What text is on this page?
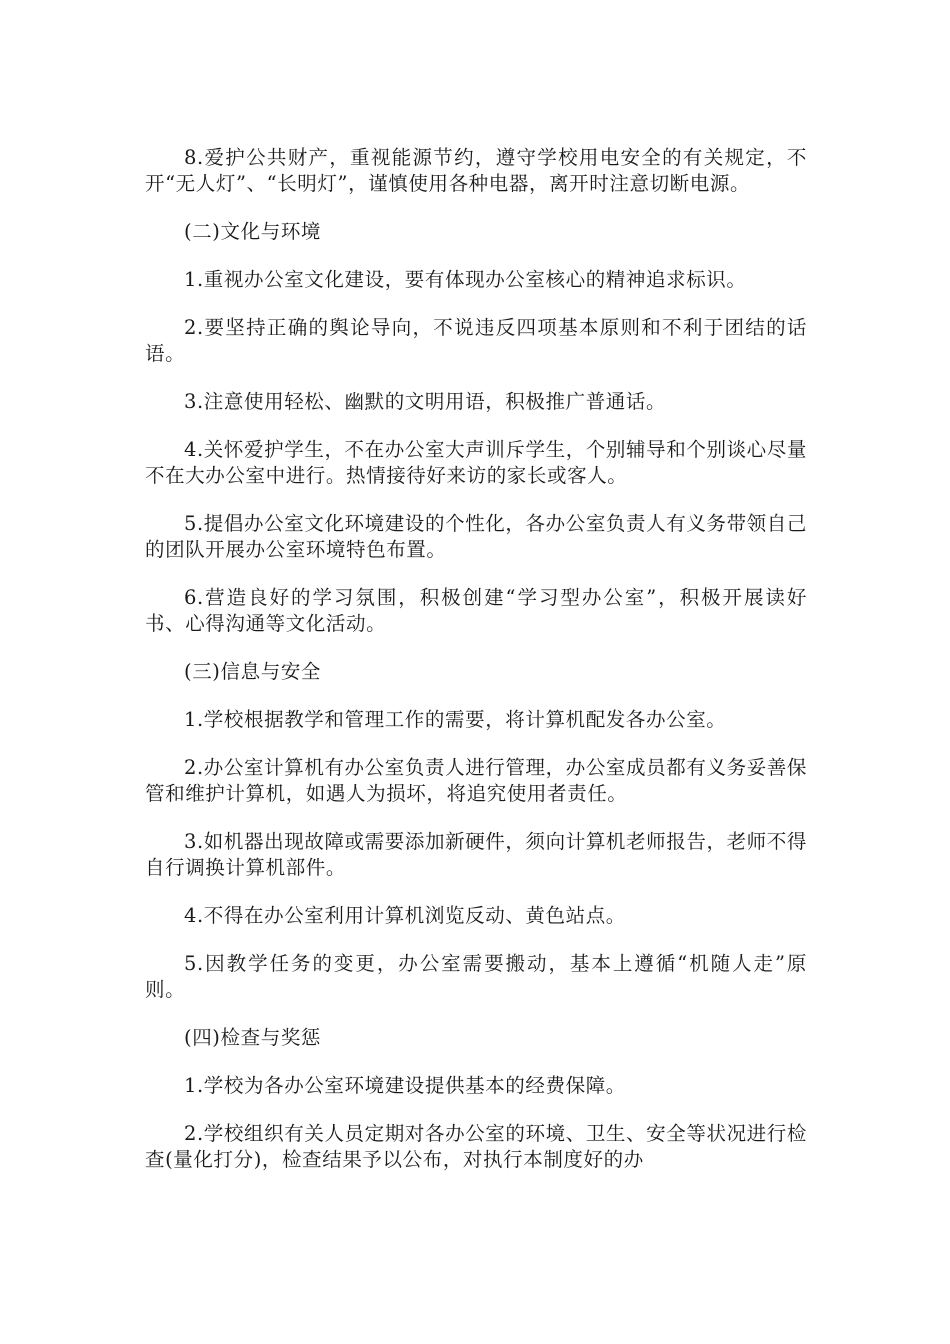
8.爱护公共财产，重视能源节约，遵守学校用电安全的有关规定，不开“无人灯”、“长明灯”，谨慎使用各种电器，离开时注意切断电源。

(二)文化与环境

1.重视办公室文化建设，要有体现办公室核心的精神追求标识。

2.要坚持正确的舆论导向，不说违反四项基本原则和不利于团结的话语。

3.注意使用轻松、幽默的文明用语，积极推广普通话。

4.关怀爱护学生，不在办公室大声训斥学生，个别辅导和个别谈心尽量不在大办公室中进行。热情接待好来访的家长或客人。

5.提倡办公室文化环境建设的个性化，各办公室负责人有义务带领自己的团队开展办公室环境特色布置。

6.营造良好的学习氛围，积极创建“学习型办公室”，积极开展读好书、心得沟通等文化活动。

(三)信息与安全

1.学校根据教学和管理工作的需要，将计算机配发各办公室。

2.办公室计算机有办公室负责人进行管理，办公室成员都有义务妥善保管和维护计算机，如遇人为损坏，将追究使用者责任。

3.如机器出现故障或需要添加新硬件，须向计算机老师报告，老师不得自行调换计算机部件。

4.不得在办公室利用计算机浏览反动、黄色站点。

5.因教学任务的变更，办公室需要搬动，基本上遵循“机随人走”原则。

(四)检查与奖惩

1.学校为各办公室环境建设提供基本的经费保障。

2.学校组织有关人员定期对各办公室的环境、卫生、安全等状况进行检查(量化打分)，检查结果予以公布，对执行本制度好的办
